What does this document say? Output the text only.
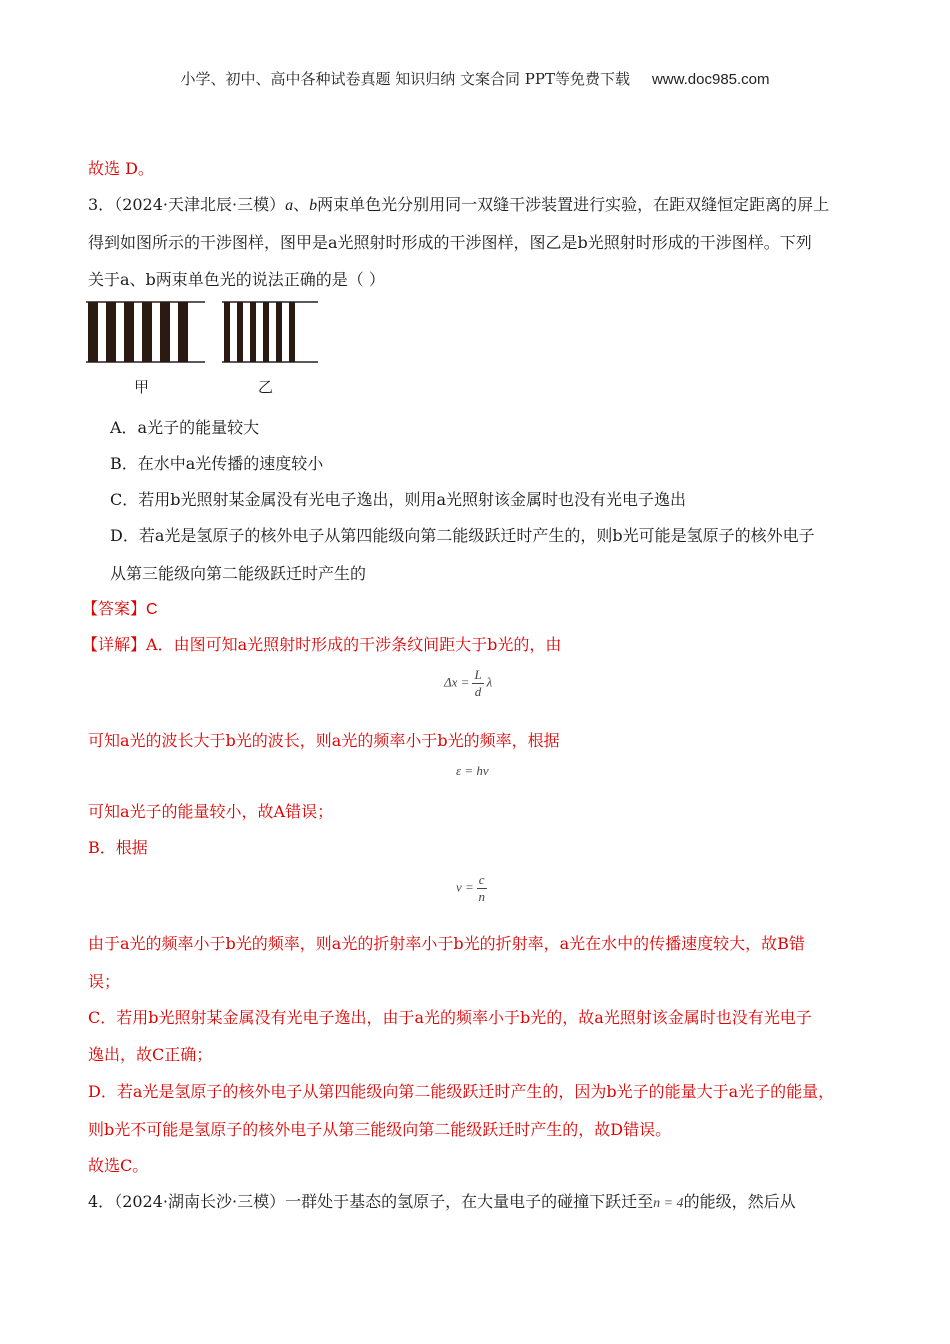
小学、初中、高中各种试卷真题 知识归纳 文案合同 PPT等免费下载 www.doc985.com
故选 D。
3．（2024·天津北辰·三模）a、b两束单色光分别用同一双缝干涉装置进行实验，在距双缝恒定距离的屏上
得到如图所示的干涉图样，图甲是a光照射时形成的干涉图样，图乙是b光照射时形成的干涉图样。下列
关于a、b两束单色光的说法正确的是（ ）
甲	乙
A．a光子的能量较大
B．在水中a光传播的速度较小
C．若用b光照射某金属没有光电子逸出，则用a光照射该金属时也没有光电子逸出
D．若a光是氢原子的核外电子从第四能级向第二能级跃迁时产生的，则b光可能是氢原子的核外电子
从第三能级向第二能级跃迁时产生的
【答案】C
【详解】A．由图可知a光照射时形成的干涉条纹间距大于b光的，由
$\Delta x = \frac{L}{d}$ λ
可知a光的波长大于b光的波长，则a光的频率小于b光的频率，根据
ε = hν
可知a光子的能量较小，故A错误；
B．根据
$v = \frac{c}{n}$
由于a光的频率小于b光的频率，则a光的折射率小于b光的折射率，a光在水中的传播速度较大，故B错
误；
C．若用b光照射某金属没有光电子逸出，由于a光的频率小于b光的，故a光照射该金属时也没有光电子
逸出，故C正确；
D．若a光是氢原子的核外电子从第四能级向第二能级跃迁时产生的，因为b光子的能量大于a光子的能量，
则b光不可能是氢原子的核外电子从第三能级向第二能级跃迁时产生的，故D错误。
故选C。
4．（2024·湖南长沙·三模）一群处于基态的氢原子，在大量电子的碰撞下跃迁至n = 4的能级，然后从
